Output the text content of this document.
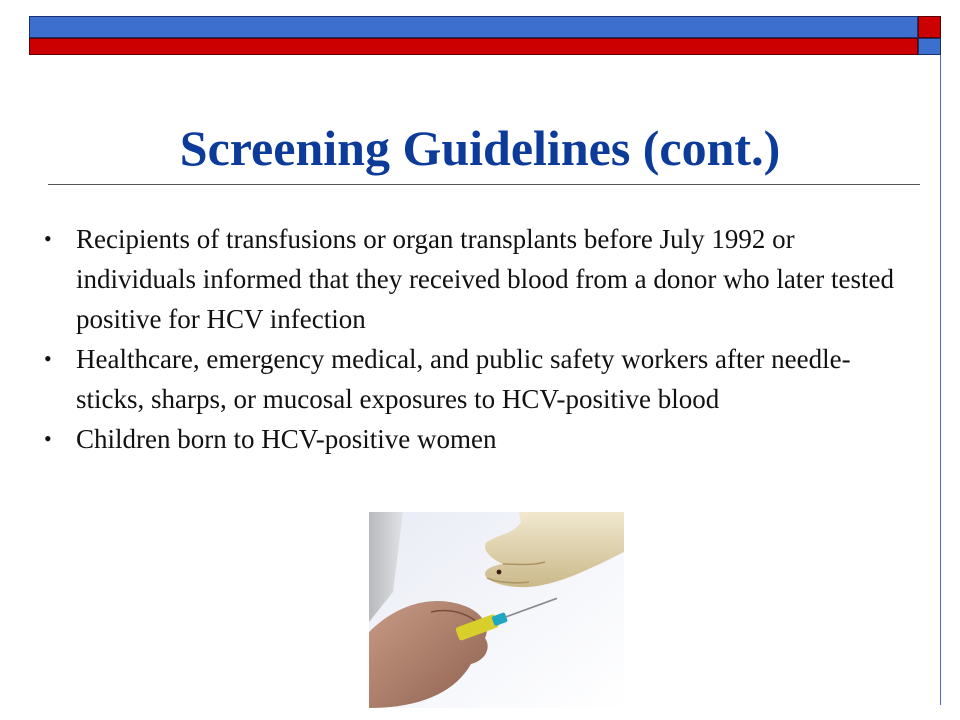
Screening Guidelines (cont.)
• Recipients of transfusions or organ transplants before July 1992 or individuals informed that they received blood from a donor who later tested positive for HCV infection
• Healthcare, emergency medical, and public safety workers after needle-sticks, sharps, or mucosal exposures to HCV-positive blood
• Children born to HCV-positive women
